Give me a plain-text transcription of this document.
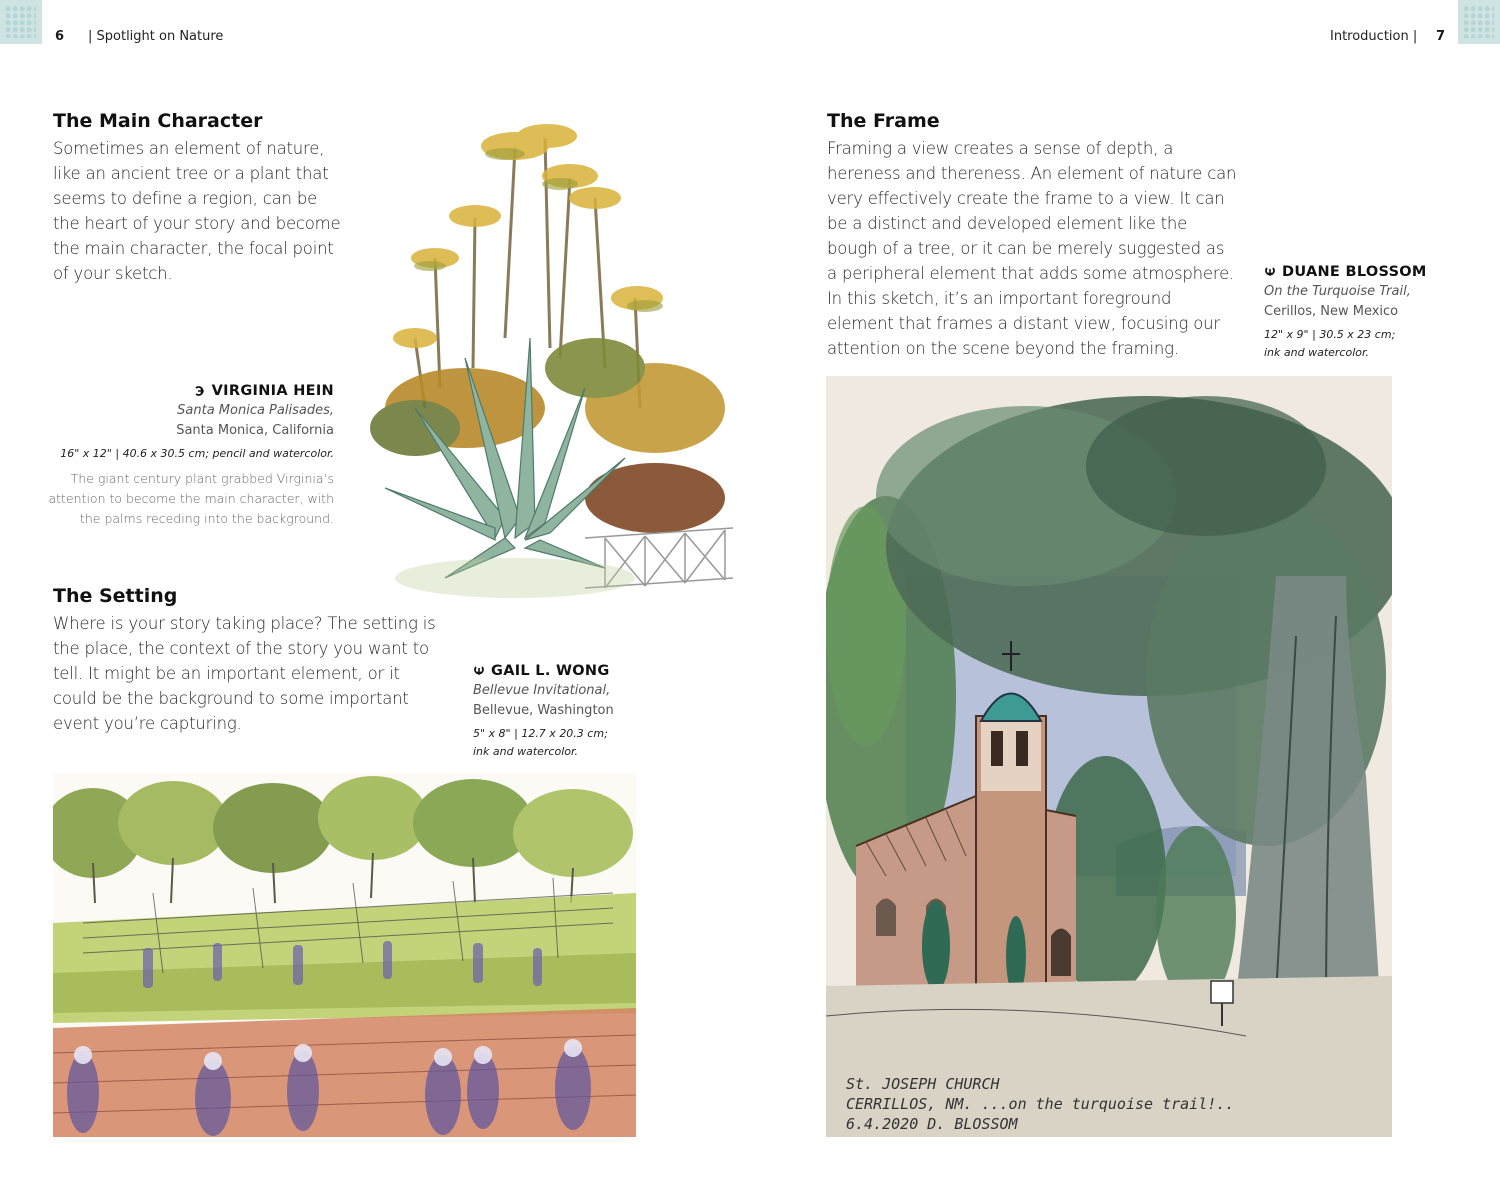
6 | Spotlight on Nature	Introduction | 7
The Main Character

Sometimes an element of nature, like an ancient tree or a plant that seems to define a region, can be the heart of your story and become the main character, the focal point of your sketch.

VIRGINIA HEIN
Santa Monica Palisades,
Santa Monica, California
16" x 12" | 40.6 x 30.5 cm; pencil and watercolor.
The giant century plant grabbed Virginia’s attention to become the main character, with the palms receding into the background.
The Setting

Where is your story taking place? The setting is the place, the context of the story you want to tell. It might be an important element, or it could be the background to some important event you’re capturing.

GAIL L. WONG
Bellevue Invitational,
Bellevue, Washington
5" x 8" | 12.7 x 20.3 cm;
ink and watercolor.
The Frame

Framing a view creates a sense of depth, a hereness and thereness. An element of nature can very effectively create the frame to a view. It can be a distinct and developed element like the bough of a tree, or it can be merely suggested as a peripheral element that adds some atmosphere. In this sketch, it’s an important foreground element that frames a distant view, focusing our attention on the scene beyond the framing.

DUANE BLOSSOM
On the Turquoise Trail,
Cerillos, New Mexico
12" x 9" | 30.5 x 23 cm;
ink and watercolor.
St. JOSEPH CHURCH
CERRILLOS, NM. ...on the turquoise trail!..
6.4.2020 D. BLOSSOM
